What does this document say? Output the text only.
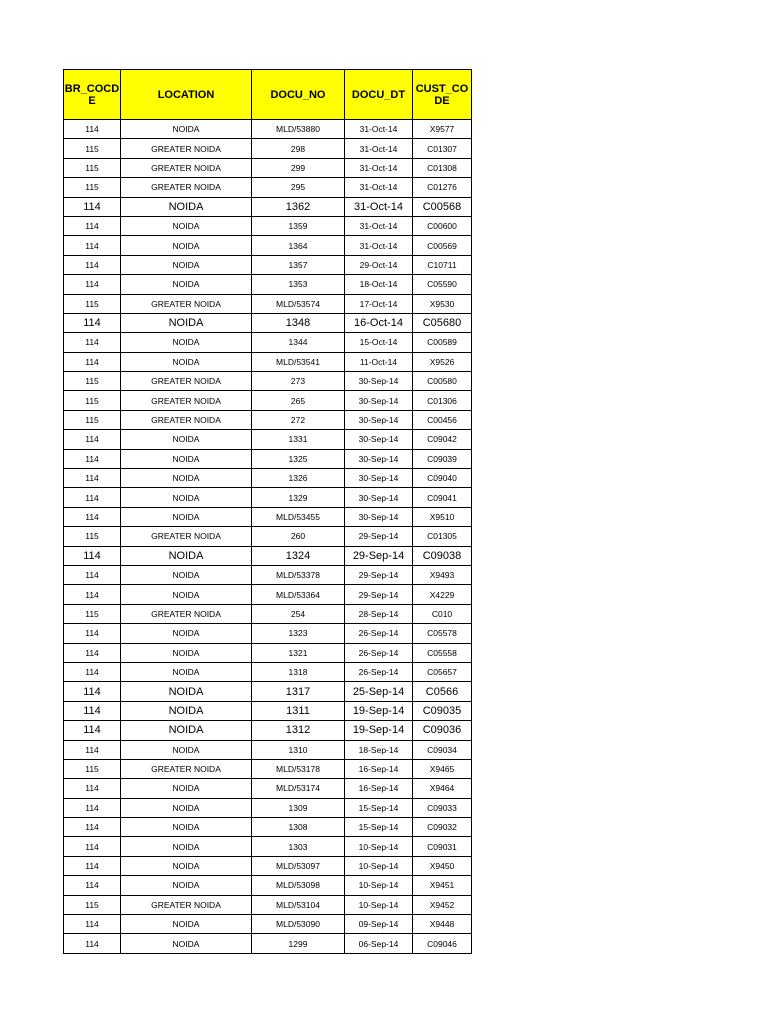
BR_COCDE	LOCATION	DOCU_NO	DOCU_DT	CUST_CODE
114	NOIDA	MLD/53880	31-Oct-14	X9577
115	GREATER NOIDA	298	31-Oct-14	C01307
115	GREATER NOIDA	299	31-Oct-14	C01308
115	GREATER NOIDA	295	31-Oct-14	C01276
114	NOIDA	1362	31-Oct-14	C00568
114	NOIDA	1359	31-Oct-14	C00600
114	NOIDA	1364	31-Oct-14	C00569
114	NOIDA	1357	29-Oct-14	C10711
114	NOIDA	1353	18-Oct-14	C05590
115	GREATER NOIDA	MLD/53574	17-Oct-14	X9530
114	NOIDA	1348	16-Oct-14	C05680
114	NOIDA	1344	15-Oct-14	C00589
114	NOIDA	MLD/53541	11-Oct-14	X9526
115	GREATER NOIDA	273	30-Sep-14	C00580
115	GREATER NOIDA	265	30-Sep-14	C01306
115	GREATER NOIDA	272	30-Sep-14	C00456
114	NOIDA	1331	30-Sep-14	C09042
114	NOIDA	1325	30-Sep-14	C09039
114	NOIDA	1326	30-Sep-14	C09040
114	NOIDA	1329	30-Sep-14	C09041
114	NOIDA	MLD/53455	30-Sep-14	X9510
115	GREATER NOIDA	260	29-Sep-14	C01305
114	NOIDA	1324	29-Sep-14	C09038
114	NOIDA	MLD/53378	29-Sep-14	X9493
114	NOIDA	MLD/53364	29-Sep-14	X4229
115	GREATER NOIDA	254	28-Sep-14	C010
114	NOIDA	1323	26-Sep-14	C05578
114	NOIDA	1321	26-Sep-14	C05558
114	NOIDA	1318	26-Sep-14	C05657
114	NOIDA	1317	25-Sep-14	C0566
114	NOIDA	1311	19-Sep-14	C09035
114	NOIDA	1312	19-Sep-14	C09036
114	NOIDA	1310	18-Sep-14	C09034
115	GREATER NOIDA	MLD/53178	16-Sep-14	X9465
114	NOIDA	MLD/53174	16-Sep-14	X9464
114	NOIDA	1309	15-Sep-14	C09033
114	NOIDA	1308	15-Sep-14	C09032
114	NOIDA	1303	10-Sep-14	C09031
114	NOIDA	MLD/53097	10-Sep-14	X9450
114	NOIDA	MLD/53098	10-Sep-14	X9451
115	GREATER NOIDA	MLD/53104	10-Sep-14	X9452
114	NOIDA	MLD/53090	09-Sep-14	X9448
114	NOIDA	1299	06-Sep-14	C09046
